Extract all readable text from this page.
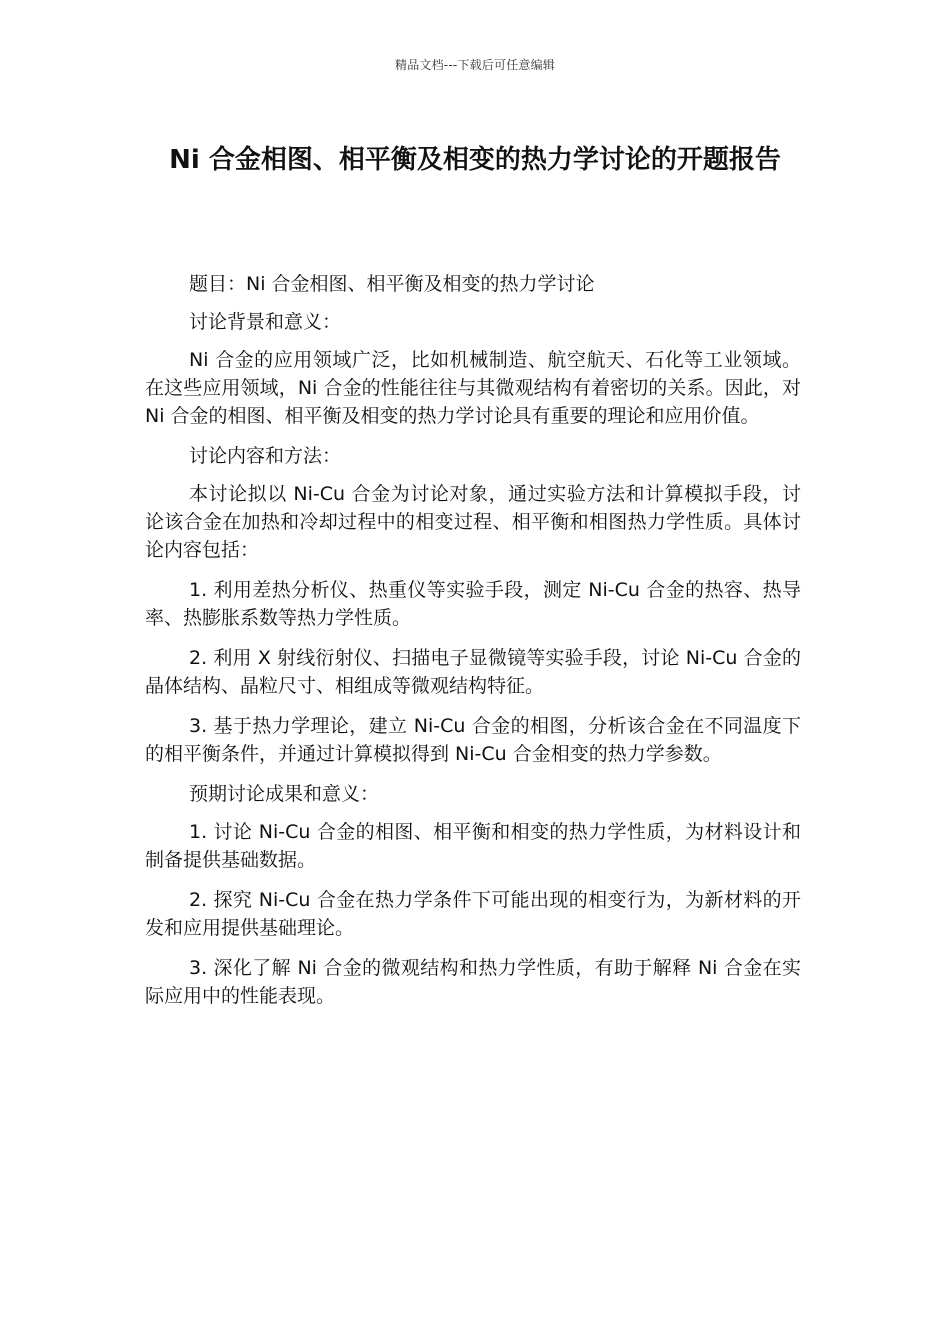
精品文档---下载后可任意编辑
Ni 合金相图、相平衡及相变的热力学讨论的开题报告

题目：Ni 合金相图、相平衡及相变的热力学讨论

讨论背景和意义：

Ni 合金的应用领域广泛，比如机械制造、航空航天、石化等工业领域。在这些应用领域，Ni 合金的性能往往与其微观结构有着密切的关系。因此，对 Ni 合金的相图、相平衡及相变的热力学讨论具有重要的理论和应用价值。

讨论内容和方法：

本讨论拟以 Ni-Cu 合金为讨论对象，通过实验方法和计算模拟手段，讨论该合金在加热和冷却过程中的相变过程、相平衡和相图热力学性质。具体讨论内容包括：

1. 利用差热分析仪、热重仪等实验手段，测定 Ni-Cu 合金的热容、热导率、热膨胀系数等热力学性质。

2. 利用 X 射线衍射仪、扫描电子显微镜等实验手段，讨论 Ni-Cu 合金的晶体结构、晶粒尺寸、相组成等微观结构特征。

3. 基于热力学理论，建立 Ni-Cu 合金的相图，分析该合金在不同温度下的相平衡条件，并通过计算模拟得到 Ni-Cu 合金相变的热力学参数。

预期讨论成果和意义：

1. 讨论 Ni-Cu 合金的相图、相平衡和相变的热力学性质，为材料设计和制备提供基础数据。

2. 探究 Ni-Cu 合金在热力学条件下可能出现的相变行为，为新材料的开发和应用提供基础理论。

3. 深化了解 Ni 合金的微观结构和热力学性质，有助于解释 Ni 合金在实际应用中的性能表现。
